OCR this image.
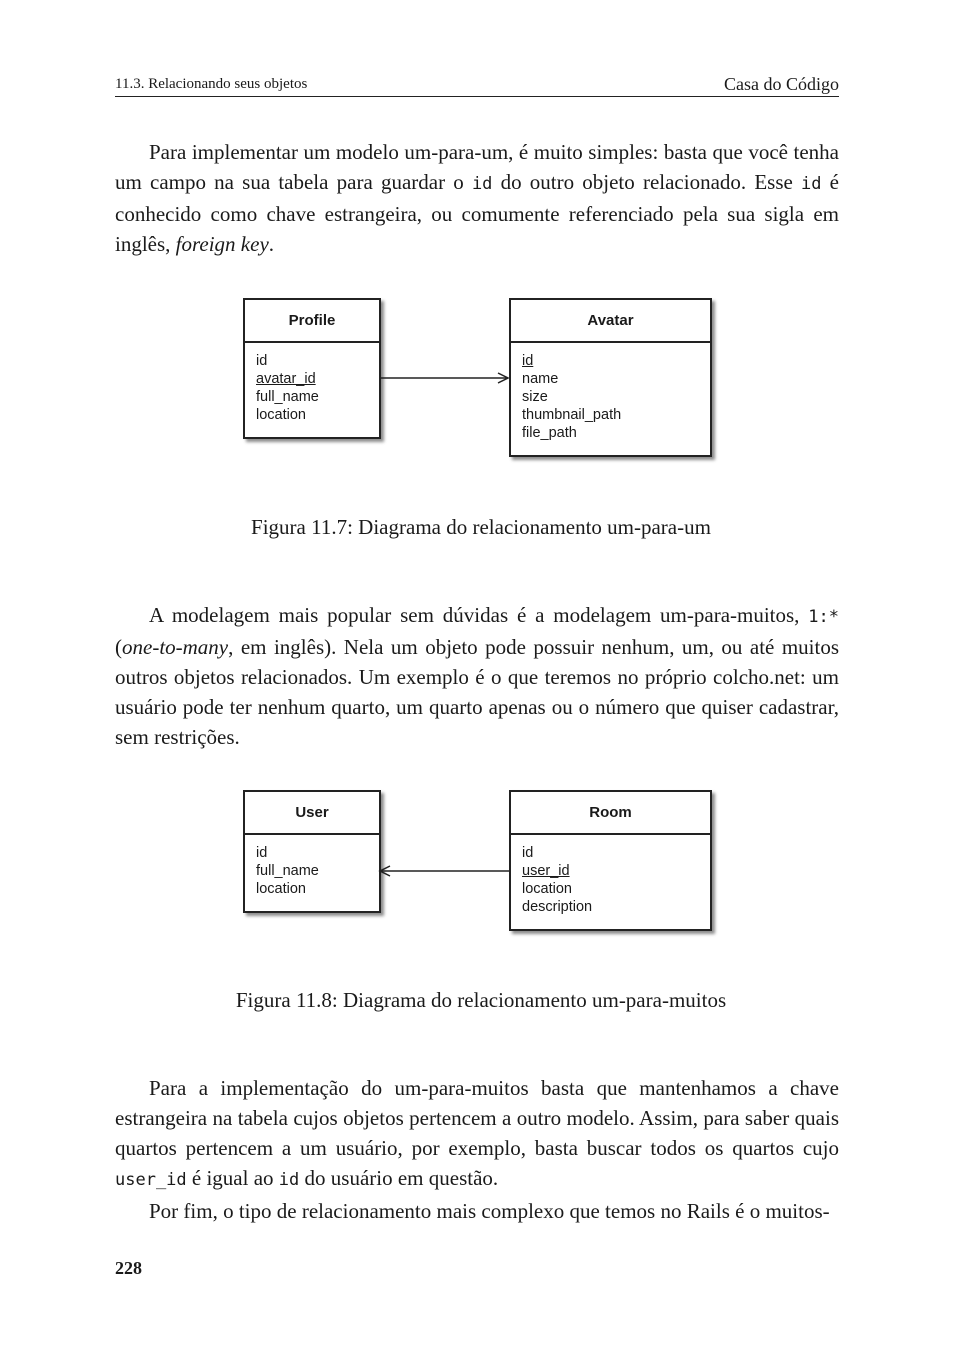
11.3. Relacionando seus objetos	Casa do Código

Para implementar um modelo um-para-um, é muito simples: basta que você tenha um campo na sua tabela para guardar o id do outro objeto relacionado. Esse id é conhecido como chave estrangeira, ou comumente referenciado pela sua sigla em inglês, foreign key.

Profile
id
avatar_id
full_name
location
Avatar
id
name
size
thumbnail_path
file_path
Figura 11.7: Diagrama do relacionamento um-para-um

A modelagem mais popular sem dúvidas é a modelagem um-para-muitos, 1:* (one-to-many, em inglês). Nela um objeto pode possuir nenhum, um, ou até muitos outros objetos relacionados. Um exemplo é o que teremos no próprio colcho.net: um usuário pode ter nenhum quarto, um quarto apenas ou o número que quiser cadastrar, sem restrições.

User
id
full_name
location
Room
id
user_id
location
description
Figura 11.8: Diagrama do relacionamento um-para-muitos

Para a implementação do um-para-muitos basta que mantenhamos a chave estrangeira na tabela cujos objetos pertencem a outro modelo. Assim, para saber quais quartos pertencem a um usuário, por exemplo, basta buscar todos os quartos cujo user_id é igual ao id do usuário em questão.

Por fim, o tipo de relacionamento mais complexo que temos no Rails é o muitos-

228
